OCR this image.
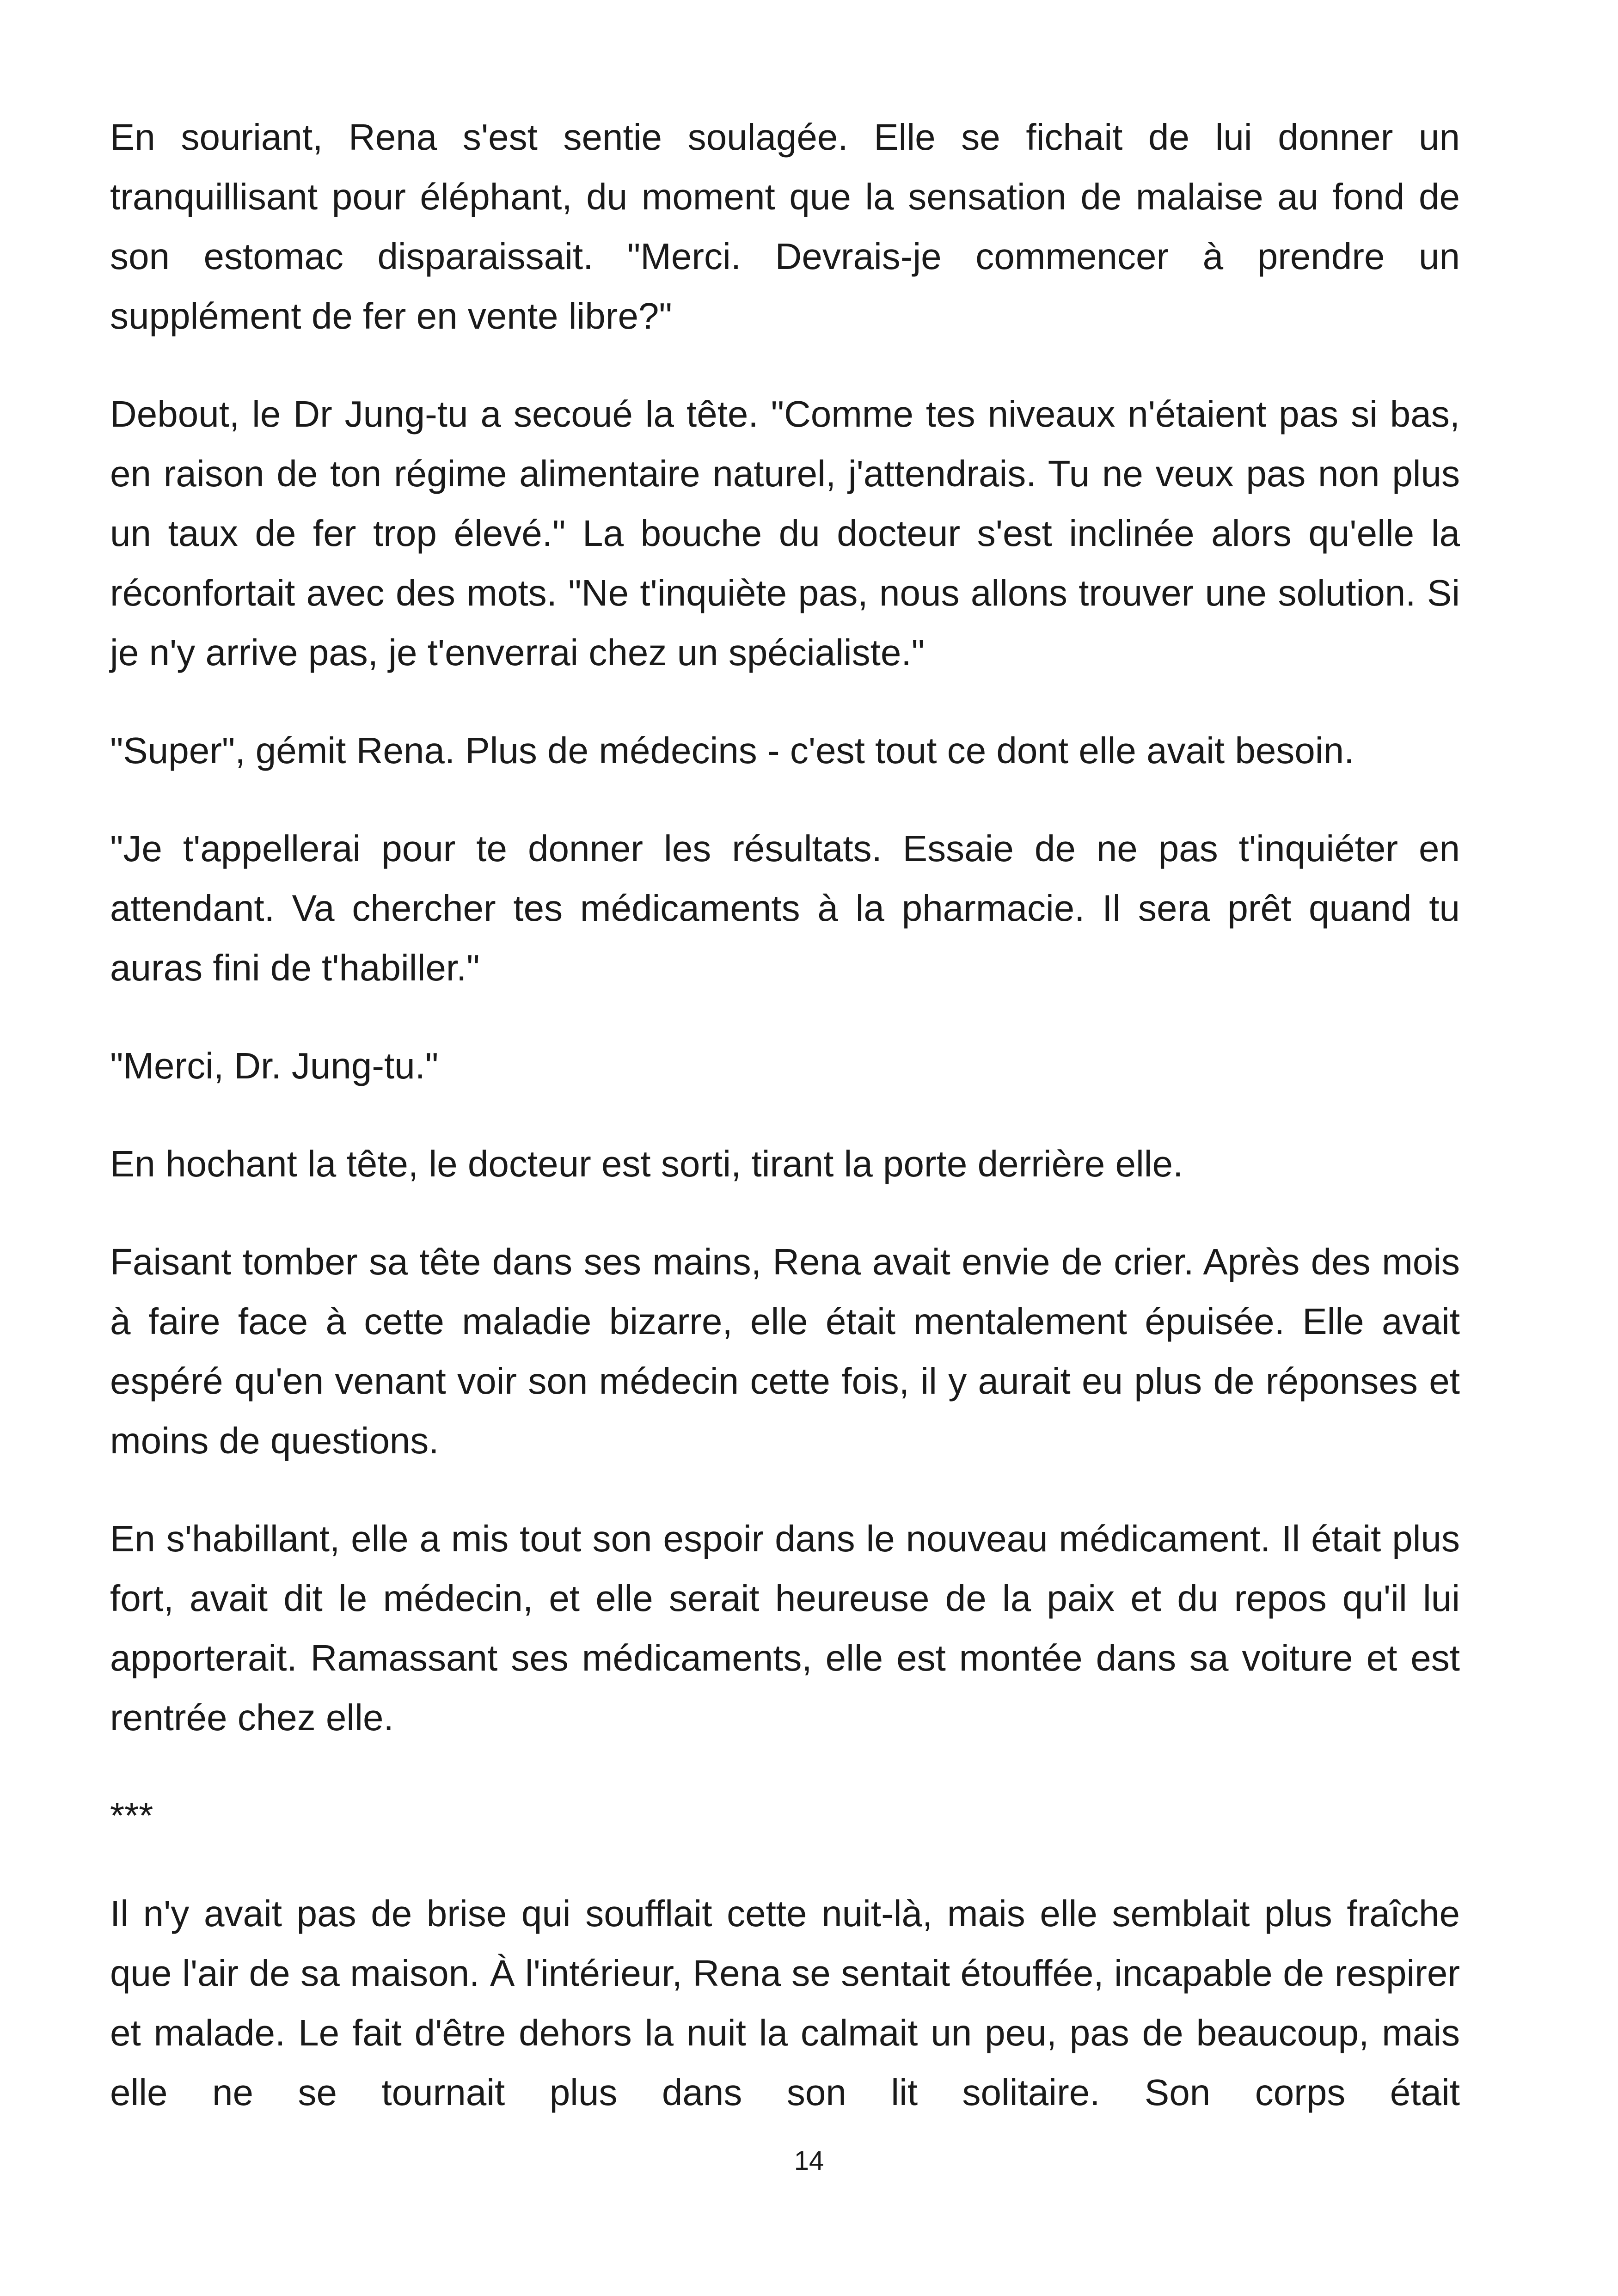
En souriant, Rena s'est sentie soulagée. Elle se fichait de lui donner un tranquillisant pour éléphant, du moment que la sensation de malaise au fond de son estomac disparaissait. "Merci. Devrais-je commencer à prendre un supplément de fer en vente libre?"

Debout, le Dr Jung-tu a secoué la tête. "Comme tes niveaux n'étaient pas si bas, en raison de ton régime alimentaire naturel, j'attendrais. Tu ne veux pas non plus un taux de fer trop élevé." La bouche du docteur s'est inclinée alors qu'elle la réconfortait avec des mots. "Ne t'inquiète pas, nous allons trouver une solution. Si je n'y arrive pas, je t'enverrai chez un spécialiste."

"Super", gémit Rena. Plus de médecins - c'est tout ce dont elle avait besoin.

"Je t'appellerai pour te donner les résultats. Essaie de ne pas t'inquiéter en attendant. Va chercher tes médicaments à la pharmacie. Il sera prêt quand tu auras fini de t'habiller."

"Merci, Dr. Jung-tu."

En hochant la tête, le docteur est sorti, tirant la porte derrière elle.

Faisant tomber sa tête dans ses mains, Rena avait envie de crier. Après des mois à faire face à cette maladie bizarre, elle était mentalement épuisée. Elle avait espéré qu'en venant voir son médecin cette fois, il y aurait eu plus de réponses et moins de questions.

En s'habillant, elle a mis tout son espoir dans le nouveau médicament. Il était plus fort, avait dit le médecin, et elle serait heureuse de la paix et du repos qu'il lui apporterait. Ramassant ses médicaments, elle est montée dans sa voiture et est rentrée chez elle.

***

Il n'y avait pas de brise qui soufflait cette nuit-là, mais elle semblait plus fraîche que l'air de sa maison. À l'intérieur, Rena se sentait étouffée, incapable de respirer et malade. Le fait d'être dehors la nuit la calmait un peu, pas de beaucoup, mais elle ne se tournait plus dans son lit solitaire. Son corps était

14
